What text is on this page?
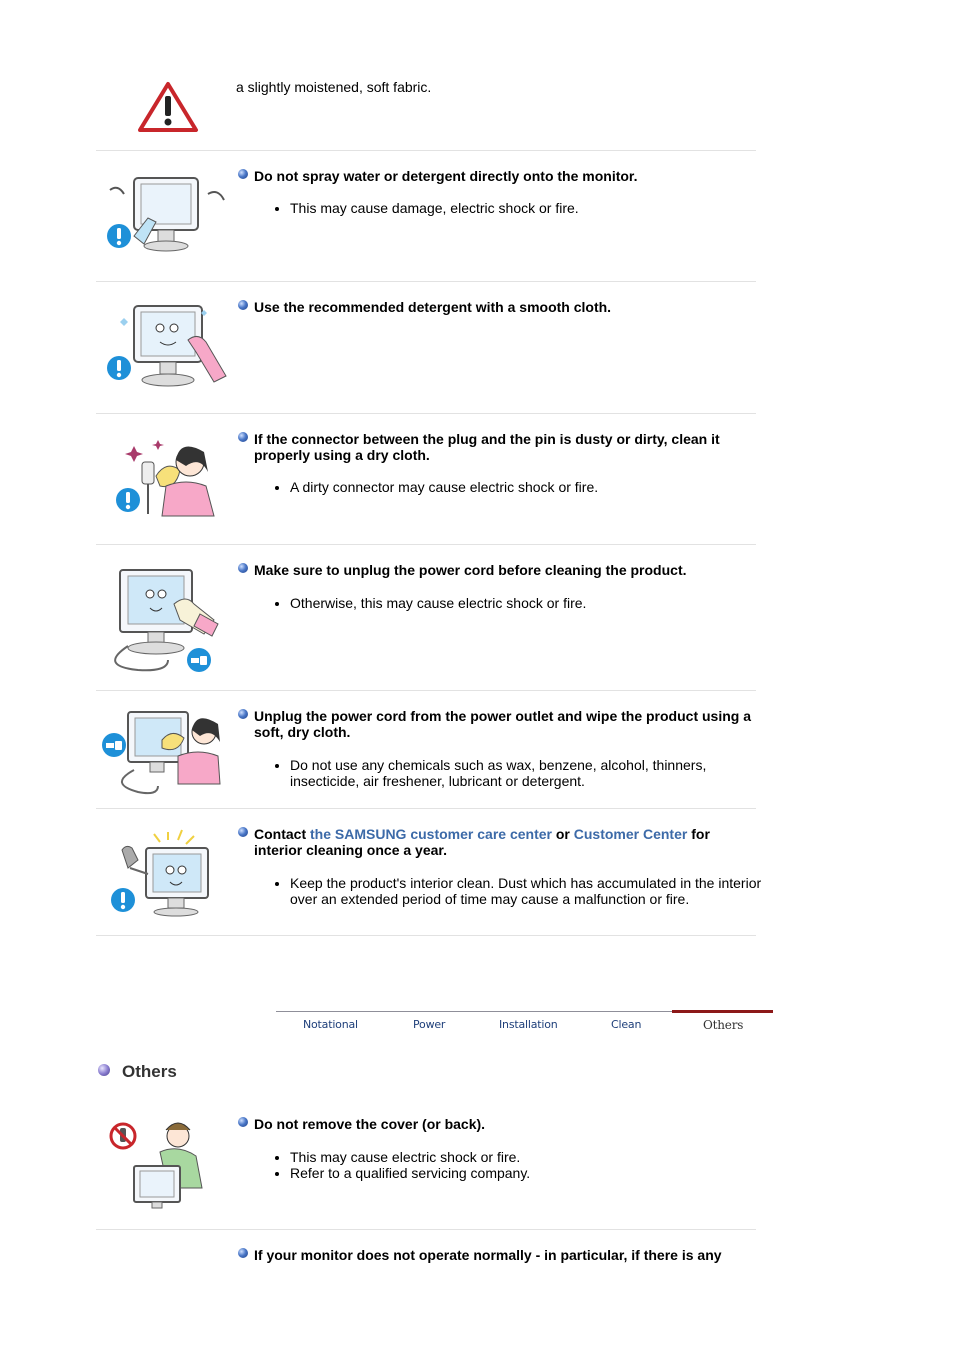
a slightly moistened, soft fabric.
Do not spray water or detergent directly onto the monitor.
• This may cause damage, electric shock or fire.
Use the recommended detergent with a smooth cloth.
If the connector between the plug and the pin is dusty or dirty, clean it properly using a dry cloth.
• A dirty connector may cause electric shock or fire.
Make sure to unplug the power cord before cleaning the product.
• Otherwise, this may cause electric shock or fire.
Unplug the power cord from the power outlet and wipe the product using a soft, dry cloth.
• Do not use any chemicals such as wax, benzene, alcohol, thinners, insecticide, air freshener, lubricant or detergent.
Contact the SAMSUNG customer care center or Customer Center for interior cleaning once a year.
• Keep the product's interior clean. Dust which has accumulated in the interior over an extended period of time may cause a malfunction or fire.
Notational	Power	Installation	Clean	Others
Others
Do not remove the cover (or back).
• This may cause electric shock or fire.
• Refer to a qualified servicing company.
If your monitor does not operate normally - in particular, if there is any
